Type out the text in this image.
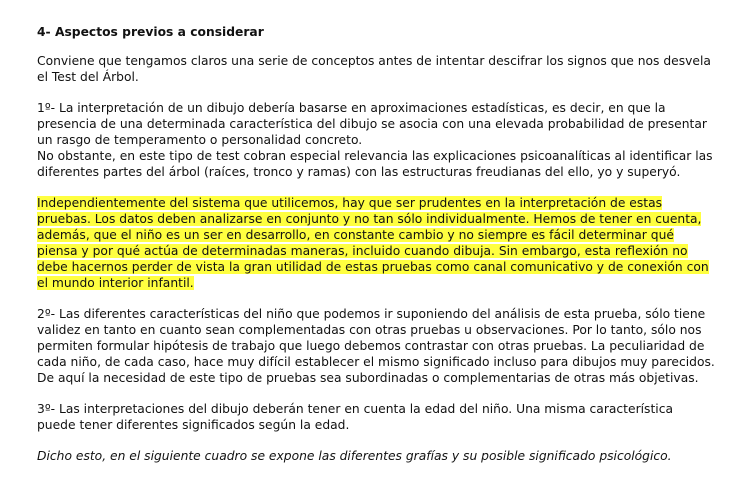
4- Aspectos previos a considerar

Conviene que tengamos claros una serie de conceptos antes de intentar descifrar los signos que nos desvela el Test del Árbol.

1º- La interpretación de un dibujo debería basarse en aproximaciones estadísticas, es decir, en que la presencia de una determinada característica del dibujo se asocia con una elevada probabilidad de presentar un rasgo de temperamento o personalidad concreto.
No obstante, en este tipo de test cobran especial relevancia las explicaciones psicoanalíticas al identificar las diferentes partes del árbol (raíces, tronco y ramas) con las estructuras freudianas del ello, yo y superyó.

Independientemente del sistema que utilicemos, hay que ser prudentes en la interpretación de estas pruebas. Los datos deben analizarse en conjunto y no tan sólo individualmente. Hemos de tener en cuenta, además, que el niño es un ser en desarrollo, en constante cambio y no siempre es fácil determinar qué piensa y por qué actúa de determinadas maneras, incluido cuando dibuja. Sin embargo, esta reflexión no debe hacernos perder de vista la gran utilidad de estas pruebas como canal comunicativo y de conexión con el mundo interior infantil.

2º- Las diferentes características del niño que podemos ir suponiendo del análisis de esta prueba, sólo tiene validez en tanto en cuanto sean complementadas con otras pruebas u observaciones. Por lo tanto, sólo nos permiten formular hipótesis de trabajo que luego debemos contrastar con otras pruebas. La peculiaridad de cada niño, de cada caso, hace muy difícil establecer el mismo significado incluso para dibujos muy parecidos. De aquí la necesidad de este tipo de pruebas sea subordinadas o complementarias de otras más objetivas.

3º- Las interpretaciones del dibujo deberán tener en cuenta la edad del niño. Una misma característica puede tener diferentes significados según la edad.

Dicho esto, en el siguiente cuadro se expone las diferentes grafías y su posible significado psicológico.
